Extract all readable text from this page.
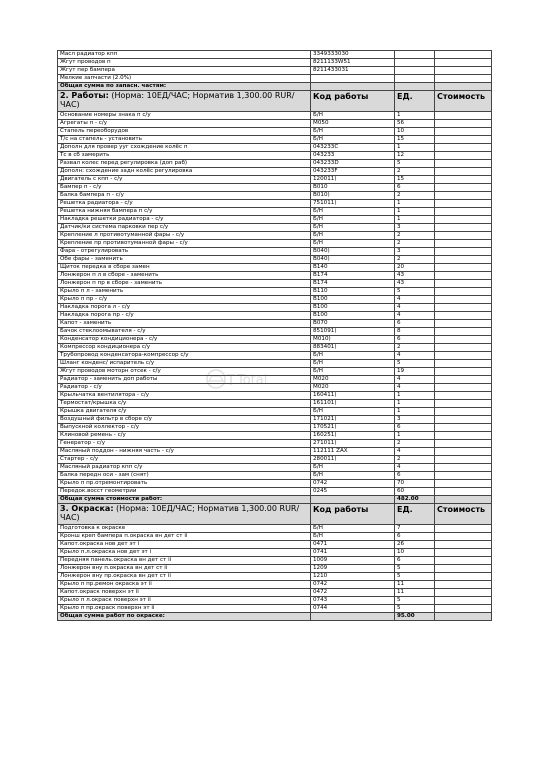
Масл радиатор кпп	3349333030		
Жгут проводов п	8211133W51		
Жгут пер бампера	8211433031		
Мелкие запчасти (2.0%)			
Общая сумма по запасн. частям:			
2. Работы: (Норма: 10ЕД/ЧАС; Норматив 1,300.00 RUR/ЧАС)	Код работы	ЕД.	Стоимость
Основание номеры знака п с/у	Б/Н	1	
Агрегаты п - с/у	M050	56	
Стапель переоборудов	Б/Н	10	
Т/с на стапель - установить	Б/Н	15	
Дополн для провер ууг схождение колёс п	043233C	1	
Тс в сб замерить	043233	12	
Развал колес перед регулировка (доп раб)	043233D	5	
Дополн: схождение задн колёс регулировка	043233F	2	
Двигатель с кпп - с/у	120011)	15	
Бампер п - с/у	B010	6	
Балка бампера п - с/у	B010)	2	
Решетка радиатора - с/у	751011)	1	
Решетка нижняя бампера п с/у	Б/Н	1	
Накладка решетки радиатора - с/у	Б/Н	1	
Датчик/ки система парковки пер с/у	Б/Н	3	
Крепление л противотуманной фары - с/у	Б/Н	2	
Крепление пр противотуманной фары - с/у	Б/Н	2	
Фара - отрегулировать	B040)	3	
Обе фары - заменить	B040)	2	
Щиток передка в сборе замен	B140	20	
Лонжерон п л в сборе - заменить	B174	43	
Лонжерон п пр в сборе - заменить	B174	43	
Крыло п л - заменить	B110	5	
Крыло п пр - с/у	B100	4	
Накладка порога л - с/у	B100	4	
Накладка порога пр - с/у	B100	4	
Капот - заменить	B070	6	
Бачок стеклоомывателя - с/у	851091)	8	
Конденсатор кондиционера - с/у	M010)	6	
Компрессор кондиционера с/у	883401)	2	
Трубопровод конденсатора-компрессор с/у	Б/Н	4	
Шланг конденс/ испаритель с/у	Б/Н	5	
Жгут проводов моторн отсек - с/у	Б/Н	19	
Радиатор - заменить доп работы	M020	4	
Радиатор - с/у	M020	4	
Крыльчатка вентилятора - с/у	160411)	1	
Термостат/крышка с/у	161101)	1	
Крышка двигателя с/у	Б/Н	1	
Воздушный фильтр в сборе с/у	171021)	3	
Выпускной коллектор - с/у	170521)	6	
Клиновой ремень - с/у	160251)	1	
Генератор - с/у	271011)	2	
Масляный поддон - нижняя часть - с/у	112111 ZAX	4	
Стартер - с/у	280011)	2	
Масляный радиатор кпп с/у	Б/Н	4	
Балка передн оси - зам (снят)	Б/Н	6	
Крыло п пр.отремонтировать	0742	70	
Передок.восст геометрии	0245	60	
Общая сумма стоимости работ:		482.00	
3. Окраска: (Норма: 10ЕД/ЧАС; Норматив 1,300.00 RUR/ЧАС)	Код работы	ЕД.	Стоимость
Подготовка к окраске	Б/Н	7	
Кронш креп бампера п.окраска вн дет ст ii	Б/Н	6	
Капот.окраска нов дет эт i	0471	26	
Крыло п.л.окраска нов дет эт i	0741	10	
Передняя панель.окраска вн дет ст ii	1009	6	
Лонжерон вну п.окраска вн дет ст ii	1209	5	
Лонжерон вну пр.окраска вн дет ст ii	1210	5	
Крыло п пр.ремон окраска эт ii	0742	11	
Капот.окраск поверхн эт ii	0472	11	
Крыло п л.окраск поверхн эт ii	0743	5	
Крыло п пр.окраск поверхн эт ii	0744	5	
Общая сумма работ по окраске:		95.00	
Total
